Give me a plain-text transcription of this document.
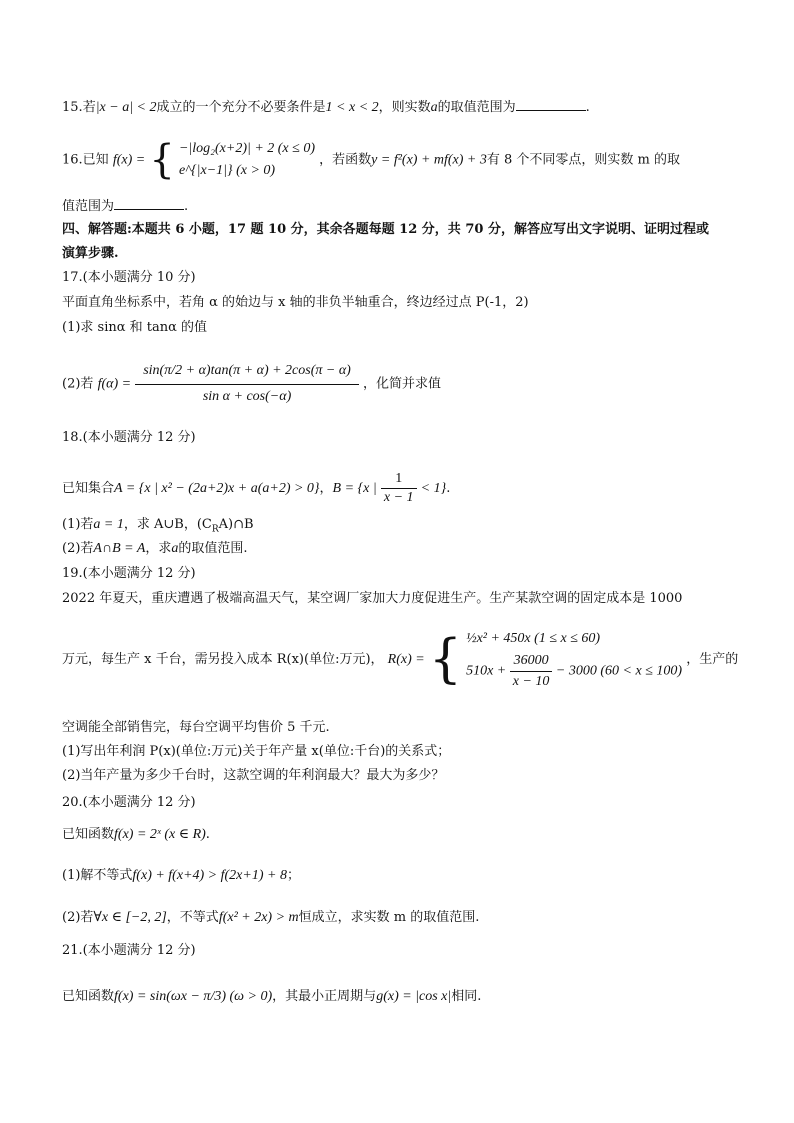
15.若|x − a| < 2成立的一个充分不必要条件是1 < x < 2，则实数a的取值范围为	.
16.已知 f(x) = { −|log₂(x+2)| + 2 (x ≤ 0)
e^{|x−1|} (x > 0)
，若函数y = f²(x) + mf(x) + 3有 8 个不同零点，则实数 m 的取
值范围为	.
四、解答题:本题共 6 小题，17 题 10 分，其余各题每题 12 分，共 70 分，解答应写出文字说明、证明过程或
演算步骤.
17.(本小题满分 10 分)
平面直角坐标系中，若角 α 的始边与 x 轴的非负半轴重合，终边经过点 P(-1，2)
(1)求 sinα 和 tanα 的值
(2)若 $f(\alpha) = \frac{\sin(\pi/2 + \alpha)\tan(\pi + \alpha) + 2\cos(\pi - \alpha)}{\text{sin α + cos(−α)}}$ ，化简并求值
18.(本小题满分 12 分)
已知集合A = {x | x² − (2a+2)x + a(a+2) > 0}，B = {x | $\frac{1}{x - 1} < 1$}.
(1)若a = 1，求 A∪B，$(C_RA)\cap B$
(2)若A∩B = A，求a的取值范围.
19.(本小题满分 12 分)
2022 年夏天，重庆遭遇了极端高温天气，某空调厂家加大力度促进生产。生产某款空调的固定成本是 1000
万元，每生产 x 千台，需另投入成本 R(x)(单位:万元)， R(x) = { ½x² + 450x (1 ≤ x ≤ 60)
$510x + \frac{36000}{x - 10} - 3000$ (60 < x ≤ 100)
，生产的
空调能全部销售完，每台空调平均售价 5 千元.
(1)写出年利润 P(x)(单位:万元)关于年产量 x(单位:千台)的关系式；
(2)当年产量为多少千台时，这款空调的年利润最大？最大为多少？
20.(本小题满分 12 分)
已知函数f(x) = 2ˣ (x ∈ R).
(1)解不等式f(x) + f(x+4) > f(2x+1) + 8；
(2)若∀x ∈ [−2, 2]，不等式f(x² + 2x) > m恒成立，求实数 m 的取值范围.
21.(本小题满分 12 分)
已知函数f(x) = sin(ωx − π/3) (ω > 0)，其最小正周期与g(x) = |cos x|相同.
